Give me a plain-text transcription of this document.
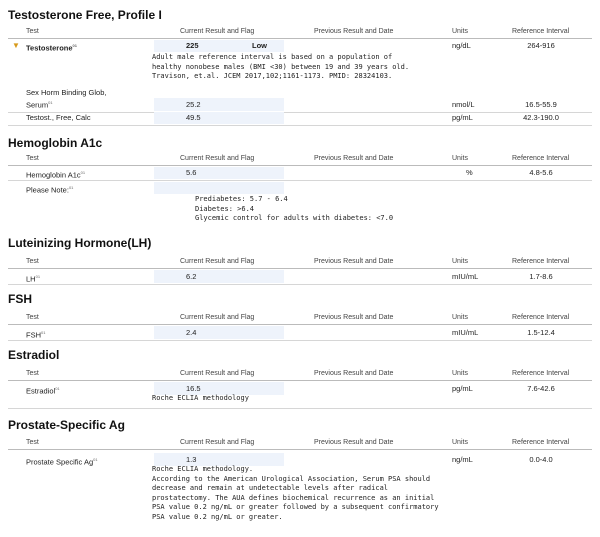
Testosterone Free, Profile I
Test	Current Result and Flag	Previous Result and Date	Units	Reference Interval
▼ Testosterone$^{01}$	225	Low	ng/dL	264-916
Adult male reference interval is based on a population of
healthy nonobese males (BMI <30) between 19 and 39 years old.
Travison, et.al. JCEM 2017,102;1161-1173. PMID: 28324103.
Sex Horm Binding Glob,
Serum$^{01}$	25.2	nmol/L	16.5-55.9
Testost., Free, Calc	49.5	pg/mL	42.3-190.0
Hemoglobin A1c
Test	Current Result and Flag	Previous Result and Date	Units	Reference Interval
Hemoglobin $A1c^{01}$	5.6	%	4.8-5.6
Please Note:$^{01}$
Prediabetes: 5.7 - 6.4
Diabetes: >6.4
Glycemic control for adults with diabetes: <7.0
Luteinizing Hormone(LH)
Test	Current Result and Flag	Previous Result and Date	Units	Reference Interval
LH$^{01}$	6.2	mIU/mL	1.7-8.6
FSH
Test	Current Result and Flag	Previous Result and Date	Units	Reference Interval
FSH$^{01}$	2.4	mIU/mL	1.5-12.4
Estradiol
Test	Current Result and Flag	Previous Result and Date	Units	Reference Interval
Estradiol$^{01}$	16.5	pg/mL	7.6-42.6
Roche ECLIA methodology
Prostate-Specific Ag
Test	Current Result and Flag	Previous Result and Date	Units	Reference Interval
Prostate Specific Ag$^{01}$	1.3	ng/mL	0.0-4.0
Roche ECLIA methodology.
According to the American Urological Association, Serum PSA should
decrease and remain at undetectable levels after radical
prostatectomy. The AUA defines biochemical recurrence as an initial
PSA value 0.2 ng/mL or greater followed by a subsequent confirmatory
PSA value 0.2 ng/mL or greater.
